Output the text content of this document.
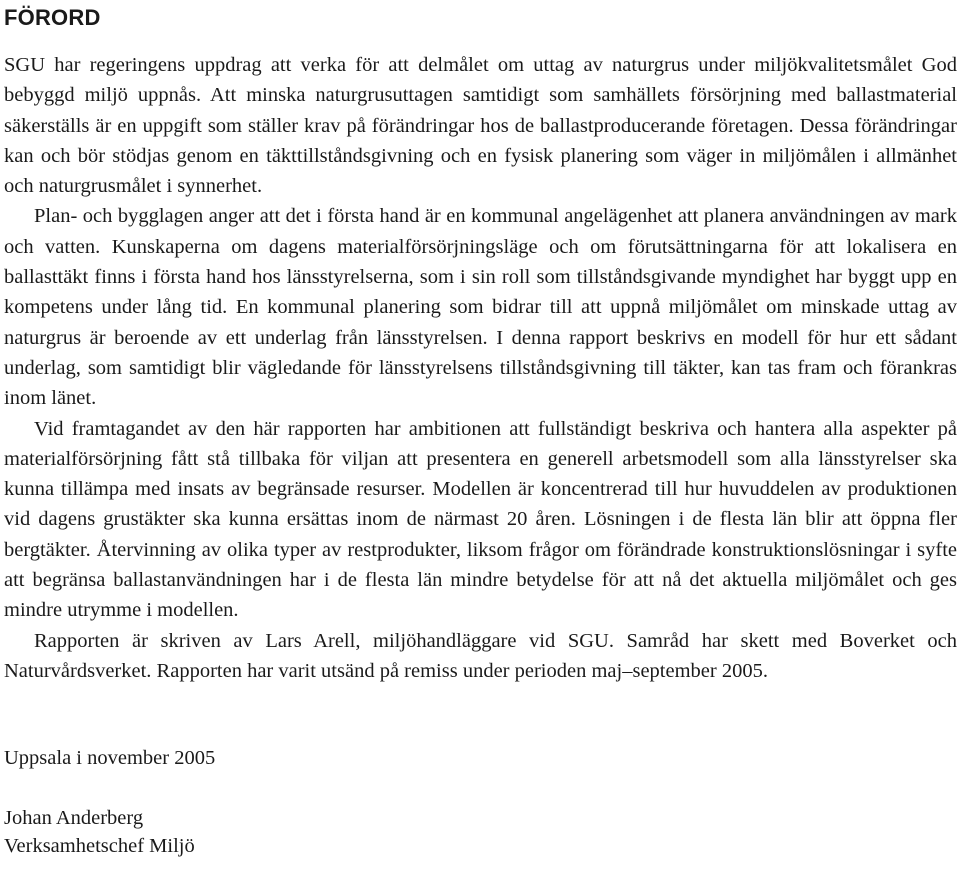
FÖRORD

SGU har regeringens uppdrag att verka för att delmålet om uttag av naturgrus under miljökvalitetsmålet God bebyggd miljö uppnås. Att minska naturgrusuttagen samtidigt som samhällets försörjning med ballastmaterial säkerställs är en uppgift som ställer krav på förändringar hos de ballastproducerande företagen. Dessa förändringar kan och bör stödjas genom en täkttillståndsgivning och en fysisk planering som väger in miljömålen i allmänhet och naturgrusmålet i synnerhet.

Plan- och bygglagen anger att det i första hand är en kommunal angelägenhet att planera användningen av mark och vatten. Kunskaperna om dagens materialförsörjningsläge och om förutsättningarna för att lokalisera en ballasttäkt finns i första hand hos länsstyrelserna, som i sin roll som tillståndsgivande myndighet har byggt upp en kompetens under lång tid. En kommunal planering som bidrar till att uppnå miljömålet om minskade uttag av naturgrus är beroende av ett underlag från länsstyrelsen. I denna rapport beskrivs en modell för hur ett sådant underlag, som samtidigt blir vägledande för länsstyrelsens tillståndsgivning till täkter, kan tas fram och förankras inom länet.

Vid framtagandet av den här rapporten har ambitionen att fullständigt beskriva och hantera alla aspekter på materialförsörjning fått stå tillbaka för viljan att presentera en generell arbetsmodell som alla länsstyrelser ska kunna tillämpa med insats av begränsade resurser. Modellen är koncentrerad till hur huvuddelen av produktionen vid dagens grustäkter ska kunna ersättas inom de närmast 20 åren. Lösningen i de flesta län blir att öppna fler bergtäkter. Återvinning av olika typer av restprodukter, liksom frågor om förändrade konstruktionslösningar i syfte att begränsa ballastanvändningen har i de flesta län mindre betydelse för att nå det aktuella miljömålet och ges mindre utrymme i modellen.

Rapporten är skriven av Lars Arell, miljöhandläggare vid SGU. Samråd har skett med Boverket och Naturvårdsverket. Rapporten har varit utsänd på remiss under perioden maj–september 2005.

Uppsala i november 2005
Johan Anderberg
Verksamhetschef Miljö
